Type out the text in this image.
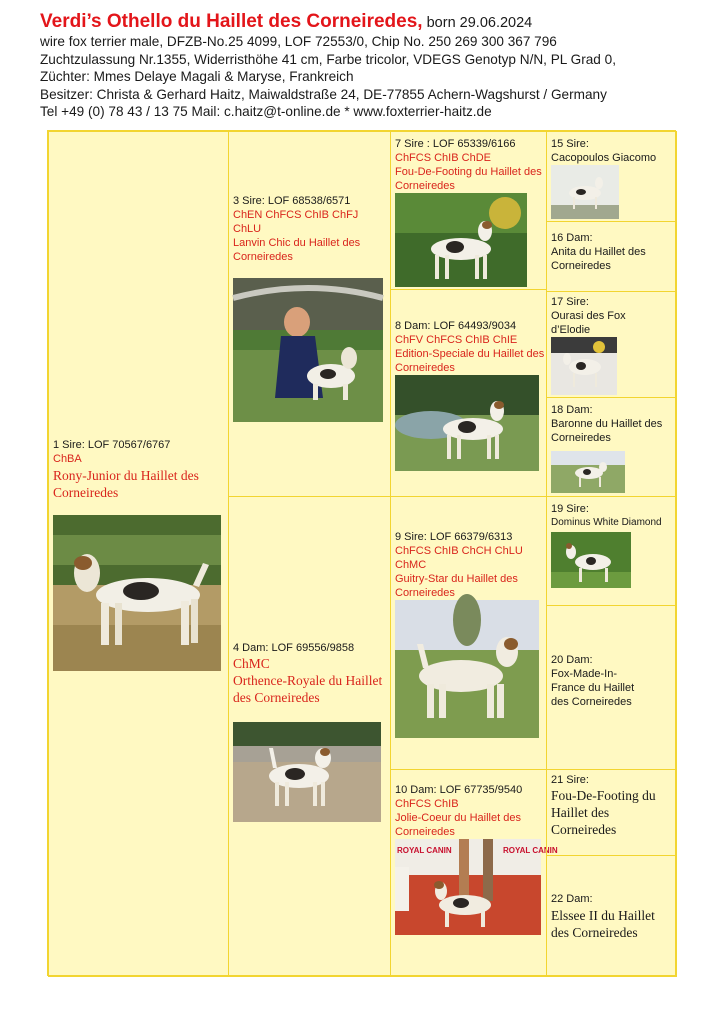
Verdi’s Othello du Haillet des Corneiredes, born 29.06.2024
wire fox terrier male, DFZB-No.25 4099, LOF 72553/0, Chip No. 250 269 300 367 796
Zuchtzulassung Nr.1355, Widerristhöhe 41 cm, Farbe tricolor, VDEGS Genotyp N/N, PL Grad 0,
Züchter: Mmes Delaye Magali & Maryse, Frankreich
Besitzer: Christa & Gerhard Haitz, Maiwaldstraße 24, DE-77855 Achern-Wagshurst / Germany
Tel +49 (0) 78 43 / 13 75 Mail: c.haitz@t-online.de * www.foxterrier-haitz.de
1 Sire: LOF 70567/6767
ChBA
Rony-Junior du Haillet des Corneiredes
3 Sire: LOF 68538/6571
ChEN ChFCS ChIB ChFJ ChLU
Lanvin Chic du Haillet des Corneiredes
4 Dam: LOF 69556/9858
ChMC
Orthence-Royale du Haillet des Corneiredes
7 Sire : LOF 65339/6166
ChFCS ChIB ChDE
Fou-De-Footing du Haillet des Corneiredes
8 Dam: LOF 64493/9034
ChFV ChFCS ChIB ChIE
Edition-Speciale du Haillet des Corneiredes
9 Sire: LOF 66379/6313
ChFCS ChIB ChCH ChLU ChMC
Guitry-Star du Haillet des Corneiredes
10 Dam: LOF 67735/9540
ChFCS ChIB
Jolie-Coeur du Haillet des Corneiredes
ROYAL CANIN	ROYAL CANIN
15 Sire:
Cacopoulos Giacomo
16 Dam:
Anita du Haillet des Corneiredes
17 Sire:
Ourasi des Fox d’Elodie
18 Dam:
Baronne du Haillet des Corneiredes
19 Sire:
Dominus White Diamond
20 Dam:
Fox-Made-In-France du Haillet des Corneiredes
21 Sire:
Fou-De-Footing du Haillet des Corneiredes
22 Dam:
Elssee II du Haillet des Corneiredes
